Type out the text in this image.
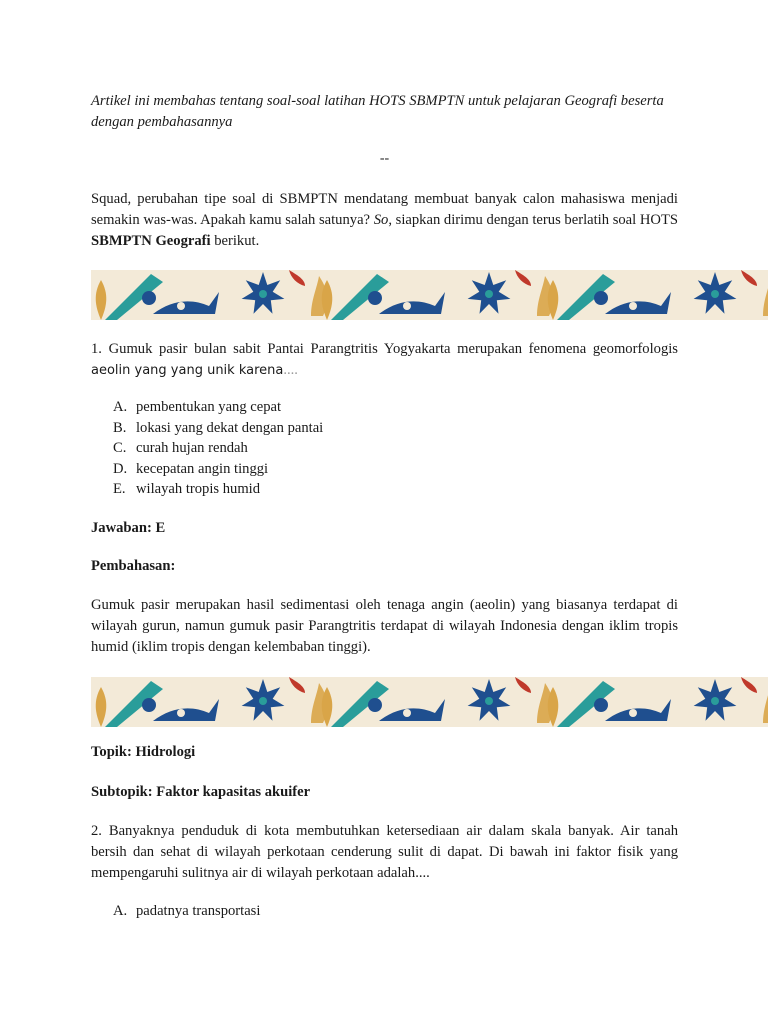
Artikel ini membahas tentang soal-soal latihan HOTS SBMPTN untuk pelajaran Geografi beserta dengan pembahasannya

--

Squad, perubahan tipe soal di SBMPTN mendatang membuat banyak calon mahasiswa menjadi semakin was-was. Apakah kamu salah satunya? So, siapkan dirimu dengan terus berlatih soal HOTS SBMPTN Geografi berikut.

1. Gumuk pasir bulan sabit Pantai Parangtritis Yogyakarta merupakan fenomena geomorfologis aeolin yang yang unik karena....

A. pembentukan yang cepat
B. lokasi yang dekat dengan pantai
C. curah hujan rendah
D. kecepatan angin tinggi
E. wilayah tropis humid

Jawaban: E

Pembahasan:

Gumuk pasir merupakan hasil sedimentasi oleh tenaga angin (aeolin) yang biasanya terdapat di wilayah gurun, namun gumuk pasir Parangtritis terdapat di wilayah Indonesia dengan iklim tropis humid (iklim tropis dengan kelembaban tinggi).

Topik: Hidrologi

Subtopik: Faktor kapasitas akuifer

2. Banyaknya penduduk di kota membutuhkan ketersediaan air dalam skala banyak. Air tanah bersih dan sehat di wilayah perkotaan cenderung sulit di dapat. Di bawah ini faktor fisik yang mempengaruhi sulitnya air di wilayah perkotaan adalah....

A. padatnya transportasi
